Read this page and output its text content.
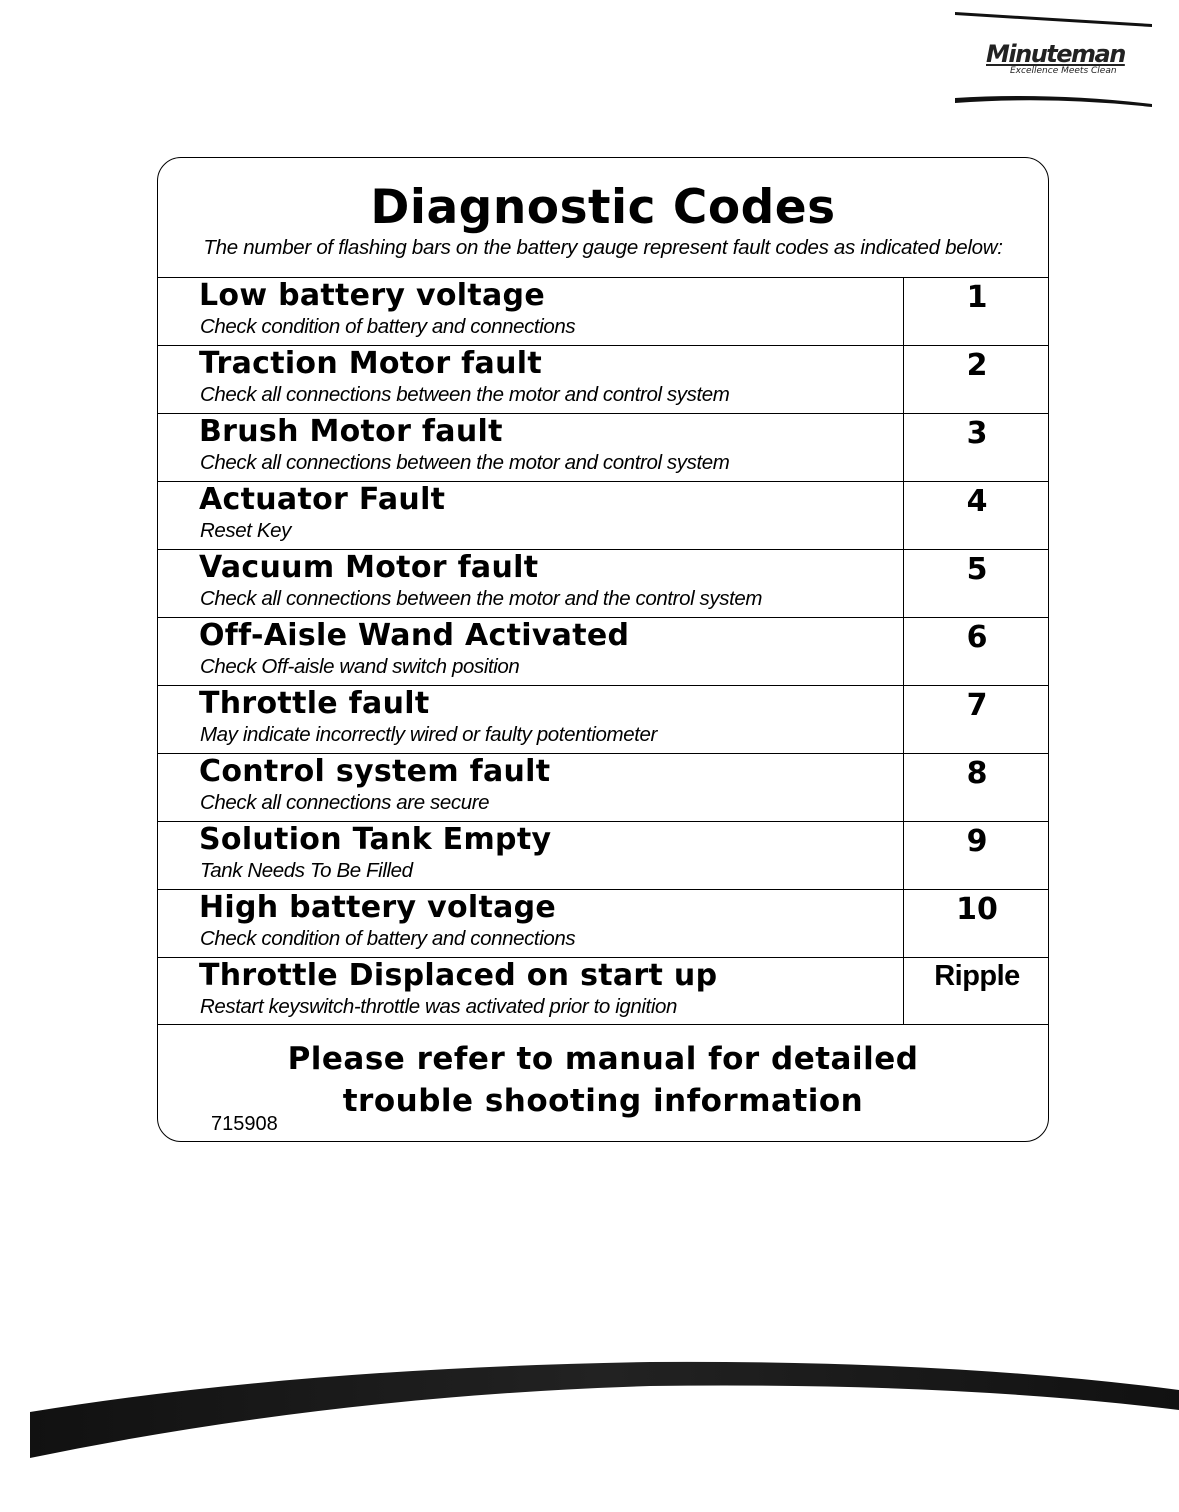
Minuteman
Excellence Meets Clean
Diagnostic Codes
The number of flashing bars on the battery gauge represent fault codes as indicated below:
Low battery voltage
Check condition of battery and connections
1
Traction Motor fault
Check all connections between the motor and control system
2
Brush Motor fault
Check all connections between the motor and control system
3
Actuator Fault
Reset Key
4
Vacuum Motor fault
Check all connections between the motor and the control system
5
Off-Aisle Wand Activated
Check Off-aisle wand switch position
6
Throttle fault
May indicate incorrectly wired or faulty potentiometer
7
Control system fault
Check all connections are secure
8
Solution Tank Empty
Tank Needs To Be Filled
9
High battery voltage
Check condition of battery and connections
10
Throttle Displaced on start up
Restart keyswitch-throttle was activated prior to ignition
Ripple
Please refer to manual for detailed
trouble shooting information
715908
